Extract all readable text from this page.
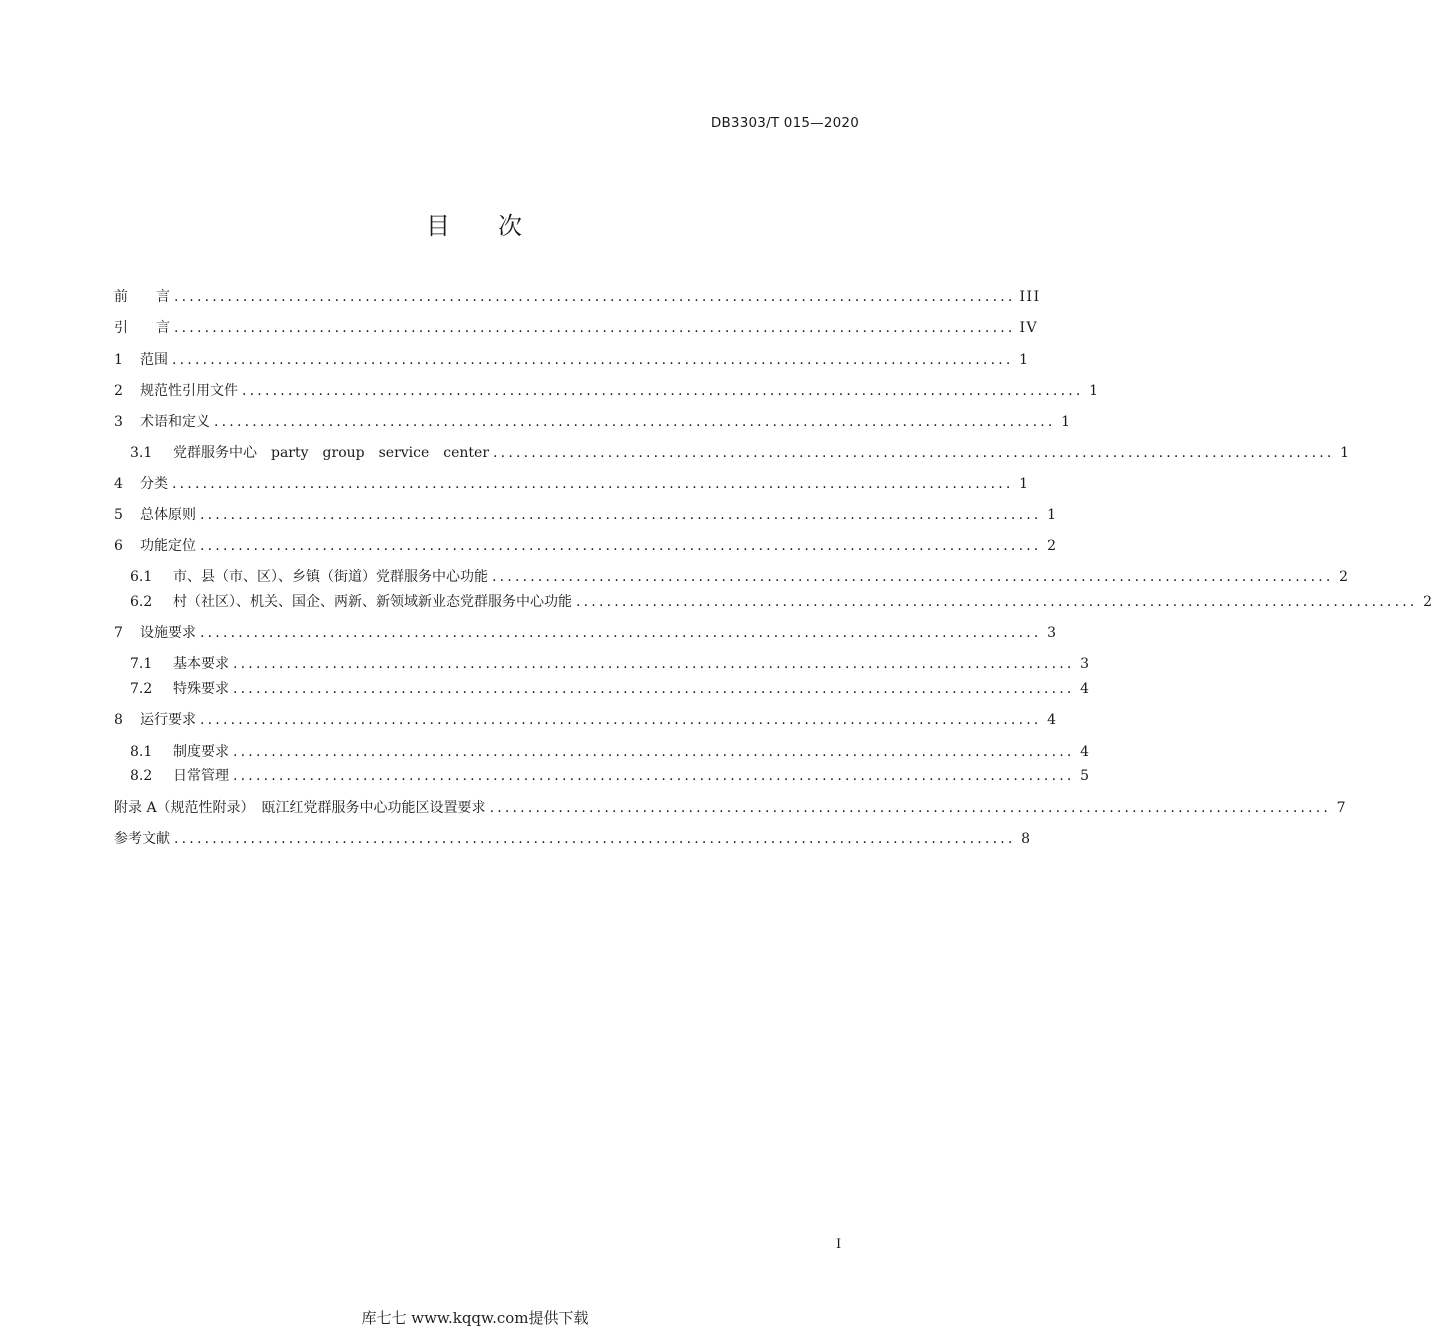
DB3303/T 015—2020
目 次
前　　言 .............................................................................................................. III
引　　言 .............................................................................................................. IV
1	范围 .............................................................................................................. 1
2	规范性引用文件 .............................................................................................................. 1
3	术语和定义 .............................................................................................................. 1
3.1	党群服务中心　party　group　service　center .............................................................................................................. 1
4	分类 .............................................................................................................. 1
5	总体原则 .............................................................................................................. 1
6	功能定位 .............................................................................................................. 2
6.1	市、县（市、区）、乡镇（街道）党群服务中心功能 .............................................................................................................. 2
6.2	村（社区）、机关、国企、两新、新领域新业态党群服务中心功能 .............................................................................................................. 2
7	设施要求 .............................................................................................................. 3
7.1	基本要求 .............................................................................................................. 3
7.2	特殊要求 .............................................................................................................. 4
8	运行要求 .............................................................................................................. 4
8.1	制度要求 .............................................................................................................. 4
8.2	日常管理 .............................................................................................................. 5
附录 A（规范性附录）　瓯江红党群服务中心功能区设置要求 .............................................................................................................. 7
参考文献 .............................................................................................................. 8
I
库七七 www.kqqw.com提供下载
